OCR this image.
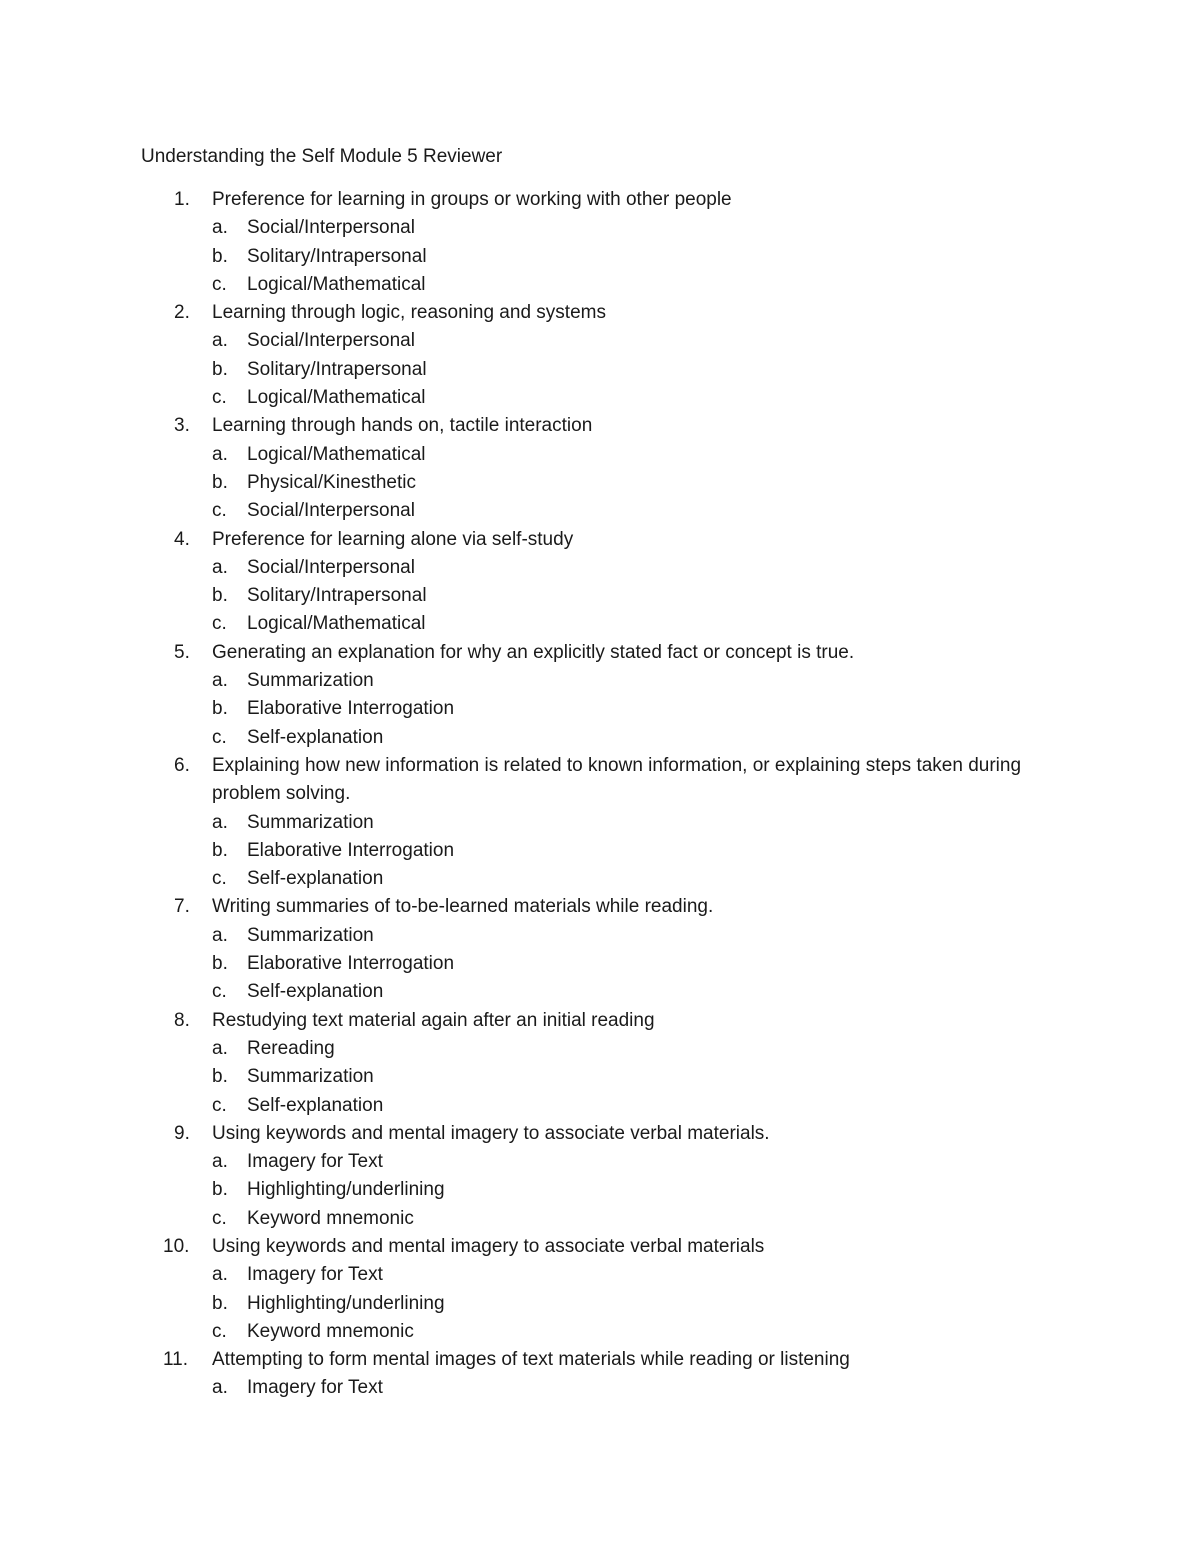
Understanding the Self Module 5 Reviewer
1.	Preference for learning in groups or working with other people
a. Social/Interpersonal
b. Solitary/Intrapersonal
c. Logical/Mathematical
2.	Learning through logic, reasoning and systems
a. Social/Interpersonal
b. Solitary/Intrapersonal
c. Logical/Mathematical
3.	Learning through hands on, tactile interaction
a. Logical/Mathematical
b. Physical/Kinesthetic
c. Social/Interpersonal
4.	Preference for learning alone via self-study
a. Social/Interpersonal
b. Solitary/Intrapersonal
c. Logical/Mathematical
5.	Generating an explanation for why an explicitly stated fact or concept is true.
a. Summarization
b. Elaborative Interrogation
c. Self-explanation
6.	Explaining how new information is related to known information, or explaining steps taken during problem solving.
a. Summarization
b. Elaborative Interrogation
c. Self-explanation
7.	Writing summaries of to-be-learned materials while reading.
a. Summarization
b. Elaborative Interrogation
c. Self-explanation
8.	Restudying text material again after an initial reading
a. Rereading
b. Summarization
c. Self-explanation
9.	Using keywords and mental imagery to associate verbal materials.
a. Imagery for Text
b. Highlighting/underlining
c. Keyword mnemonic
10.	Using keywords and mental imagery to associate verbal materials
a. Imagery for Text
b. Highlighting/underlining
c. Keyword mnemonic
11.	Attempting to form mental images of text materials while reading or listening
a. Imagery for Text
